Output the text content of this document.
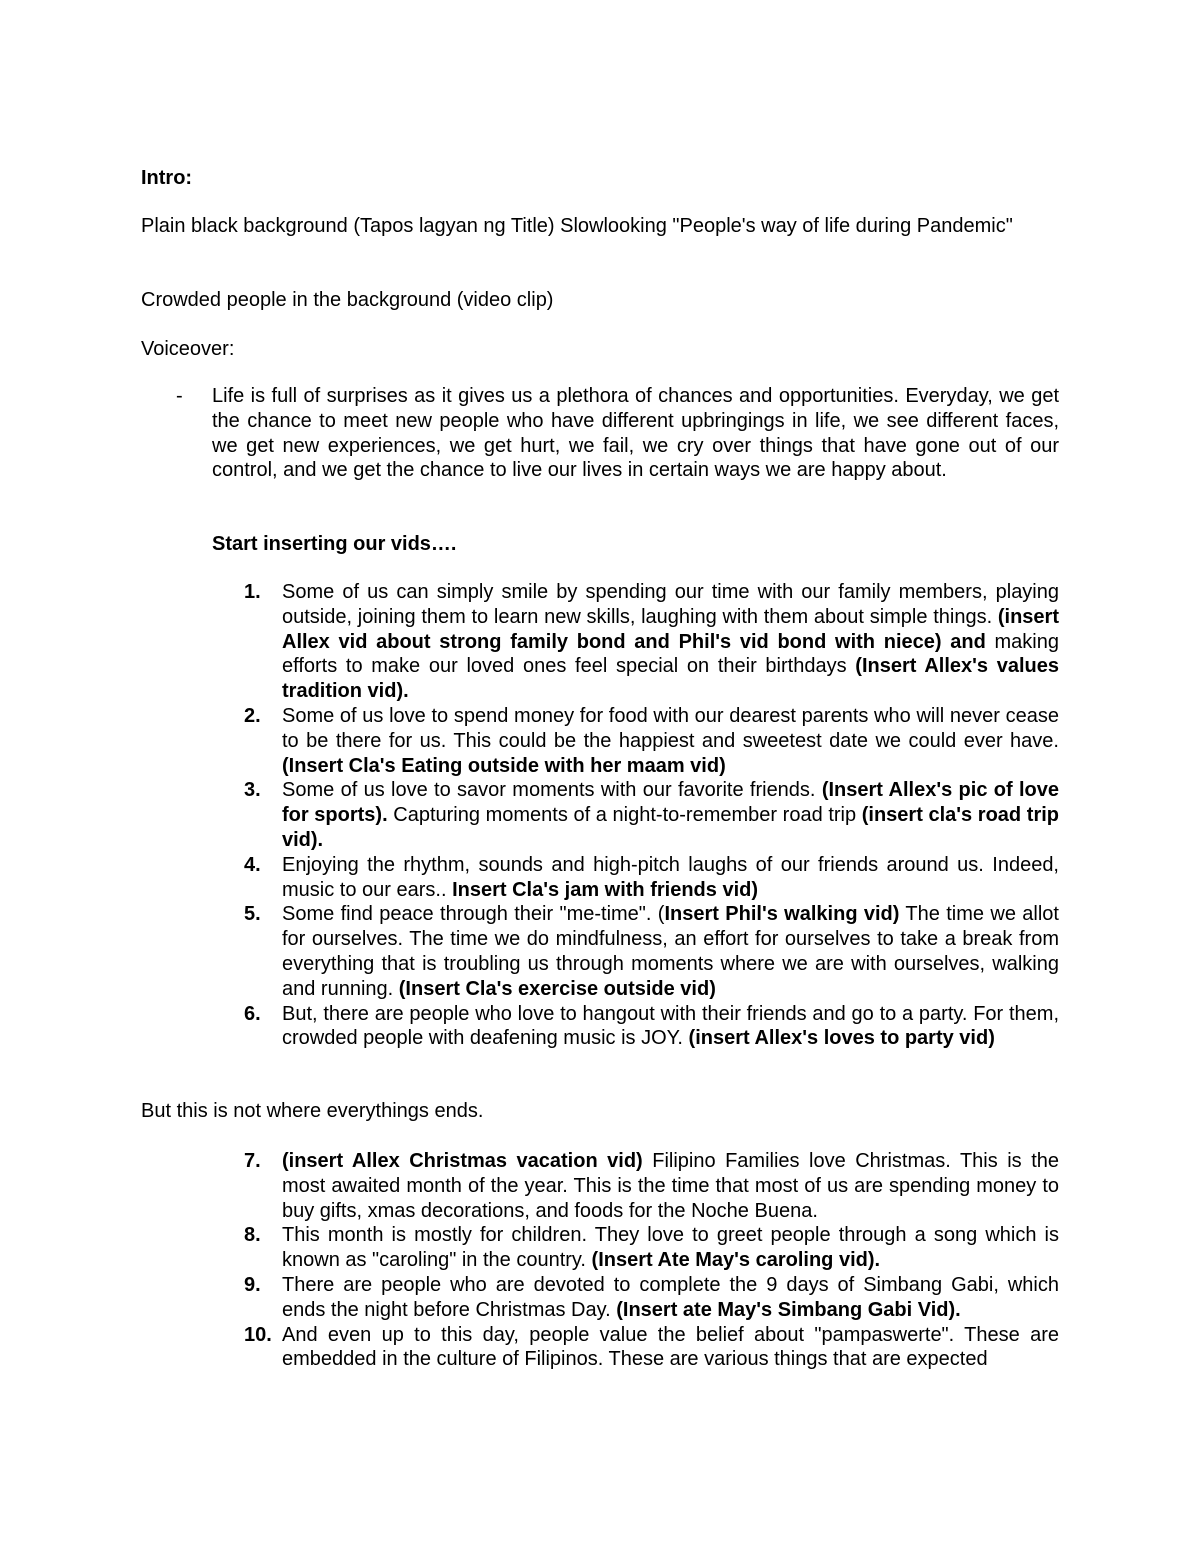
Intro:
Plain black background (Tapos lagyan ng Title) Slowlooking "People's way of life during Pandemic"
Crowded people in the background (video clip)
Voiceover:
- Life is full of surprises as it gives us a plethora of chances and opportunities. Everyday, we get the chance to meet new people who have different upbringings in life, we see different faces, we get new experiences, we get hurt, we fail, we cry over things that have gone out of our control, and we get the chance to live our lives in certain ways we are happy about.
Start inserting our vids….
1. Some of us can simply smile by spending our time with our family members, playing outside, joining them to learn new skills, laughing with them about simple things. (insert Allex vid about strong family bond and Phil's vid bond with niece) and making efforts to make our loved ones feel special on their birthdays (Insert Allex's values tradition vid).
2. Some of us love to spend money for food with our dearest parents who will never cease to be there for us. This could be the happiest and sweetest date we could ever have. (Insert Cla's Eating outside with her maam vid)
3. Some of us love to savor moments with our favorite friends. (Insert Allex's pic of love for sports). Capturing moments of a night-to-remember road trip (insert cla's road trip vid).
4. Enjoying the rhythm, sounds and high-pitch laughs of our friends around us. Indeed, music to our ears.. Insert Cla's jam with friends vid)
5. Some find peace through their "me-time". (Insert Phil's walking vid) The time we allot for ourselves. The time we do mindfulness, an effort for ourselves to take a break from everything that is troubling us through moments where we are with ourselves, walking and running. (Insert Cla's exercise outside vid)
6. But, there are people who love to hangout with their friends and go to a party. For them, crowded people with deafening music is JOY. (insert Allex's loves to party vid)
But this is not where everythings ends.
7. (insert Allex Christmas vacation vid) Filipino Families love Christmas. This is the most awaited month of the year. This is the time that most of us are spending money to buy gifts, xmas decorations, and foods for the Noche Buena.
8. This month is mostly for children. They love to greet people through a song which is known as "caroling" in the country. (Insert Ate May's caroling vid).
9. There are people who are devoted to complete the 9 days of Simbang Gabi, which ends the night before Christmas Day. (Insert ate May's Simbang Gabi Vid).
10. And even up to this day, people value the belief about "pampaswerte". These are embedded in the culture of Filipinos. These are various things that are expected
